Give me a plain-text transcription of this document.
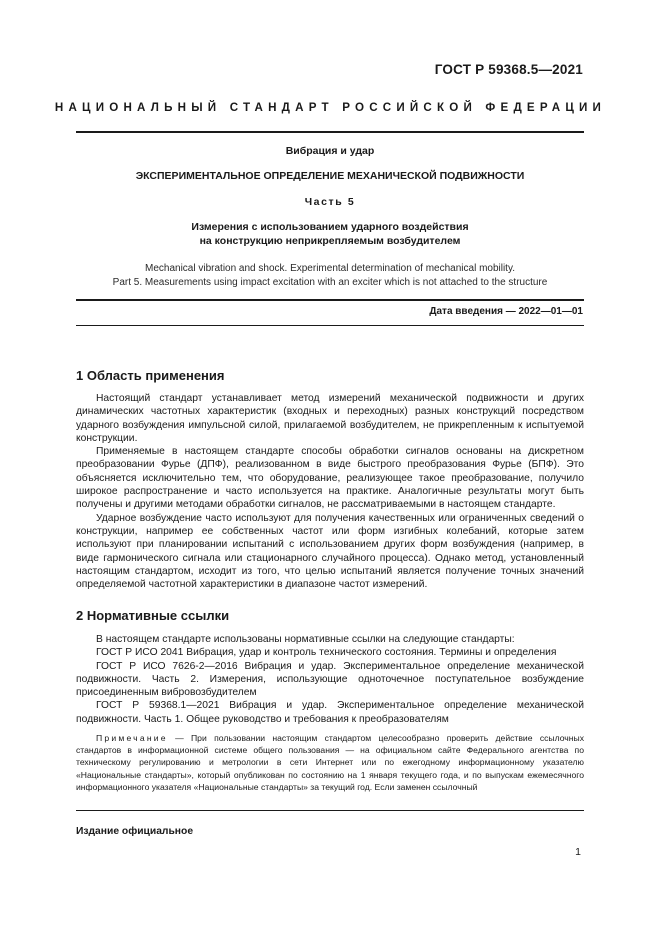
ГОСТ Р 59368.5—2021
НАЦИОНАЛЬНЫЙ СТАНДАРТ РОССИЙСКОЙ ФЕДЕРАЦИИ
Вибрация и удар
ЭКСПЕРИМЕНТАЛЬНОЕ ОПРЕДЕЛЕНИЕ МЕХАНИЧЕСКОЙ ПОДВИЖНОСТИ
Часть 5
Измерения с использованием ударного воздействия
на конструкцию неприкрепляемым возбудителем
Mechanical vibration and shock. Experimental determination of mechanical mobility.
Part 5. Measurements using impact excitation with an exciter which is not attached to the structure
Дата введения — 2022—01—01
1 Область применения

Настоящий стандарт устанавливает метод измерений механической подвижности и других динамических частотных характеристик (входных и переходных) разных конструкций посредством ударного возбуждения импульсной силой, прилагаемой возбудителем, не прикрепленным к испытуемой конструкции.

Применяемые в настоящем стандарте способы обработки сигналов основаны на дискретном преобразовании Фурье (ДПФ), реализованном в виде быстрого преобразования Фурье (БПФ). Это объясняется исключительно тем, что оборудование, реализующее такое преобразование, получило широкое распространение и часто используется на практике. Аналогичные результаты могут быть получены и другими методами обработки сигналов, не рассматриваемыми в настоящем стандарте.

Ударное возбуждение часто используют для получения качественных или ограниченных сведений о конструкции, например ее собственных частот или форм изгибных колебаний, которые затем используют при планировании испытаний с использованием других форм возбуждения (например, в виде гармонического сигнала или стационарного случайного процесса). Однако метод, установленный настоящим стандартом, исходит из того, что целью испытаний является получение точных значений определяемой частотной характеристики в диапазоне частот измерений.

2 Нормативные ссылки

В настоящем стандарте использованы нормативные ссылки на следующие стандарты:

ГОСТ Р ИСО 2041 Вибрация, удар и контроль технического состояния. Термины и определения

ГОСТ Р ИСО 7626-2—2016 Вибрация и удар. Экспериментальное определение механической подвижности. Часть 2. Измерения, использующие одноточечное поступательное возбуждение присоединенным вибровозбудителем

ГОСТ Р 59368.1—2021 Вибрация и удар. Экспериментальное определение механической подвижности. Часть 1. Общее руководство и требования к преобразователям

Примечание — При пользовании настоящим стандартом целесообразно проверить действие ссылочных стандартов в информационной системе общего пользования — на официальном сайте Федерального агентства по техническому регулированию и метрологии в сети Интернет или по ежегодному информационному указателю «Национальные стандарты», который опубликован по состоянию на 1 января текущего года, и по выпускам ежемесячного информационного указателя «Национальные стандарты» за текущий год. Если заменен ссылочный

Издание официальное
1
